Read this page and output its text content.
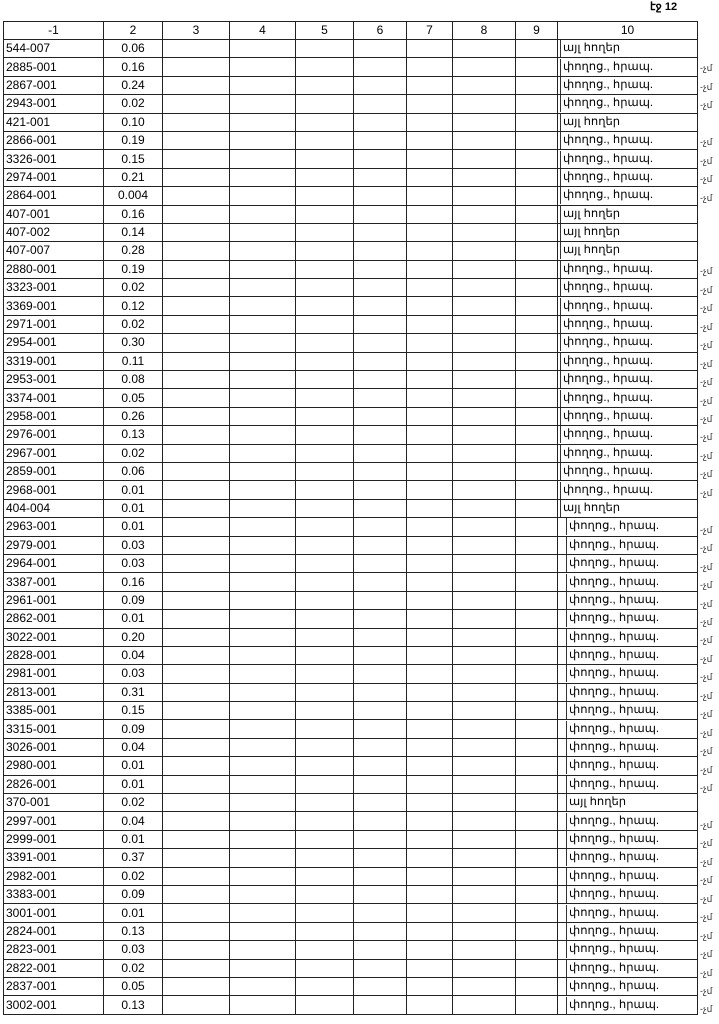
էջ 12
-1	2	3	4	5	6	7	8	9	10
544-007	0.06								այլ հողեր
2885-001	0.16								փողոց., հրապ.
2867-001	0.24								փողոց., հրապ.
2943-001	0.02								փողոց., հրապ.
421-001	0.10								այլ հողեր
2866-001	0.19								փողոց., հրապ.
3326-001	0.15								փողոց., հրապ.
2974-001	0.21								փողոց., հրապ.
2864-001	0.004								փողոց., հրապ.
407-001	0.16								այլ հողեր
407-002	0.14								այլ հողեր
407-007	0.28								այլ հողեր
2880-001	0.19								փողոց., հրապ.
3323-001	0.02								փողոց., հրապ.
3369-001	0.12								փողոց., հրապ.
2971-001	0.02								փողոց., հրապ.
2954-001	0.30								փողոց., հրապ.
3319-001	0.11								փողոց., հրապ.
2953-001	0.08								փողոց., հրապ.
3374-001	0.05								փողոց., հրապ.
2958-001	0.26								փողոց., հրապ.
2976-001	0.13								փողոց., հրապ.
2967-001	0.02								փողոց., հրապ.
2859-001	0.06								փողոց., հրապ.
2968-001	0.01								փողոց., հրապ.
404-004	0.01								այլ հողեր
2963-001	0.01								փողոց., հրապ.
2979-001	0.03								փողոց., հրապ.
2964-001	0.03								փողոց., հրապ.
3387-001	0.16								փողոց., հրապ.
2961-001	0.09								փողոց., հրապ.
2862-001	0.01								փողոց., հրապ.
3022-001	0.20								փողոց., հրապ.
2828-001	0.04								փողոց., հրապ.
2981-001	0.03								փողոց., հրապ.
2813-001	0.31								փողոց., հրապ.
3385-001	0.15								փողոց., հրապ.
3315-001	0.09								փողոց., հրապ.
3026-001	0.04								փողոց., հրապ.
2980-001	0.01								փողոց., հրապ.
2826-001	0.01								փողոց., հրապ.
370-001	0.02								այլ հողեր
2997-001	0.04								փողոց., հրապ.
2999-001	0.01								փողոց., հրապ.
3391-001	0.37								փողոց., հրապ.
2982-001	0.02								փողոց., հրապ.
3383-001	0.09								փողոց., հրապ.
3001-001	0.01								փողոց., հրապ.
2824-001	0.13								փողոց., հրապ.
2823-001	0.03								փողոց., հրապ.
2822-001	0.02								փողոց., հրապ.
2837-001	0.05								փողոց., հրապ.
3002-001	0.13								փողոց., հրապ.
-չմ
-չմ
-չմ
-չմ
-չմ
-չմ
-չմ
-չմ
-չմ
-չմ
-չմ
-չմ
-չմ
-չմ
-չմ
-չմ
-չմ
-չմ
-չմ
-չմ
-չմ
-չմ
-չմ
-չմ
-չմ
-չմ
-չմ
-չմ
-չմ
-չմ
-չմ
-չմ
-չմ
-չմ
-չմ
-չմ
-չմ
-չմ
-չմ
-չմ
-չմ
-չմ
-չմ
-չմ
-չմ
-չմ
